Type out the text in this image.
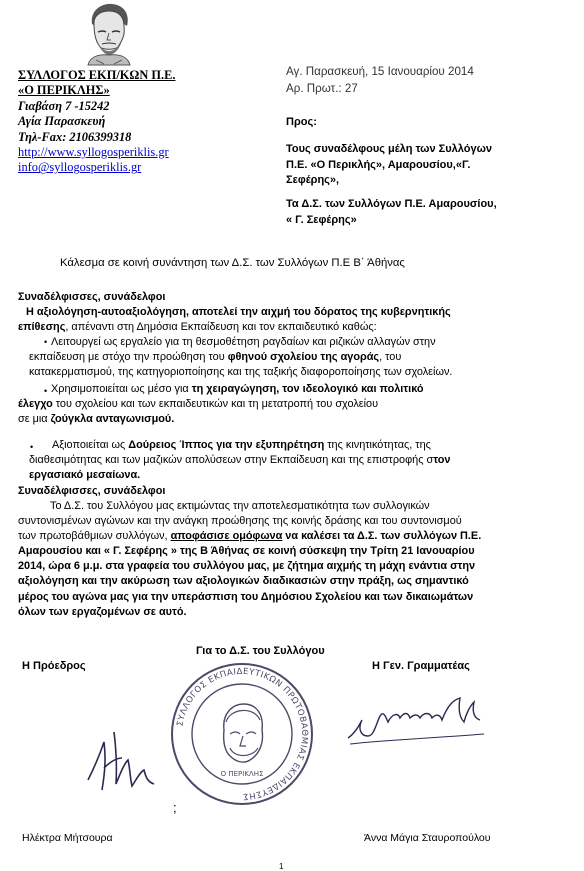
ΣΥΛΛΟΓΟΣ ΕΚΠ/ΚΩΝ Π.Ε.
«Ο ΠΕΡΙΚΛΗΣ»
Γιαβάση 7 -15242
Αγία Παρασκευή
Τηλ-Fax: 2106399318
http://www.syllogosperiklis.gr
info@syllogosperiklis.gr
Αγ. Παρασκευή, 15 Ιανουαρίου 2014
Αρ. Πρωτ.: 27
Προς:
Τους συναδέλφους μέλη των Συλλόγων
Π.Ε. «Ο Περικλής», Αμαρουσίου,«Γ.
Σεφέρης»,
Τα Δ.Σ. των Συλλόγων Π.Ε. Αμαρουσίου,
« Γ. Σεφέρης»
Κάλεσμα σε κοινή συνάντηση των Δ.Σ. των Συλλόγων Π.Ε Β΄ Άθήνας
Συναδέλφισσες, συνάδελφοι
Η αξιολόγηση-αυτοαξιολόγηση, αποτελεί την αιχμή του δόρατος της κυβερνητικής
επίθεσης, απέναντι στη Δημόσια Εκπαίδευση και τον εκπαιδευτικό καθώς:
• Λειτουργεί ως εργαλείο για τη θεσμοθέτηση ραγδαίων και ριζικών αλλαγών στην
εκπαίδευση με στόχο την προώθηση του φθηνού σχολείου της αγοράς, του
κατακερματισμού, της κατηγοριοποίησης και της ταξικής διαφοροποίησης των σχολείων.
• Χρησιμοποιείται ως μέσο για τη χειραγώγηση, τον ιδεολογικό και πολιτικό
έλεγχο του σχολείου και των εκπαιδευτικών και τη μετατροπή του σχολείου
σε μια ζούγκλα ανταγωνισμού.
• Αξιοποιείται ως Δούρειος Ίππος για την εξυπηρέτηση της κινητικότητας, της
διαθεσιμότητας και των μαζικών απολύσεων στην Εκπαίδευση και της επιστροφής στον
εργασιακό μεσαίωνα.
Συναδέλφισσες, συνάδελφοι
Το Δ.Σ. του Συλλόγου μας εκτιμώντας την αποτελεσματικότητα των συλλογικών
συντονισμένων αγώνων και την ανάγκη προώθησης της κοινής δράσης και του συντονισμού
των πρωτοβάθμιων συλλόγων, αποφάσισε ομόφωνα να καλέσει τα Δ.Σ. των συλλόγων Π.Ε.
Αμαρουσίου και « Γ. Σεφέρης » της Β Άθήνας σε κοινή σύσκεψη την Τρίτη 21 Ιανουαρίου
2014, ώρα 6 μ.μ. στα γραφεία του συλλόγου μας, με ζήτημα αιχμής τη μάχη ενάντια στην
αξιολόγηση και την ακύρωση των αξιολογικών διαδικασιών στην πράξη, ως σημαντικό
μέρος του αγώνα μας για την υπεράσπιση του Δημόσιου Σχολείου και των δικαιωμάτων
όλων των εργαζομένων σε αυτό.
Για το Δ.Σ. του Συλλόγου
Η Πρόεδρος	Η Γεν. Γραμματέας
;
ΣΥΛΛΟΓΟΣ ΕΚΠΑΙΔΕΥΤΙΚΩΝ ΠΡΩΤΟΒΑΘΜΙΑΣ ΕΚΠΑΙΔΕΥΣΗΣ
Ο ΠΕΡΙΚΛΗΣ
Ηλέκτρα Μήτσουρα	Άννα Μάγια Σταυροπούλου
1
